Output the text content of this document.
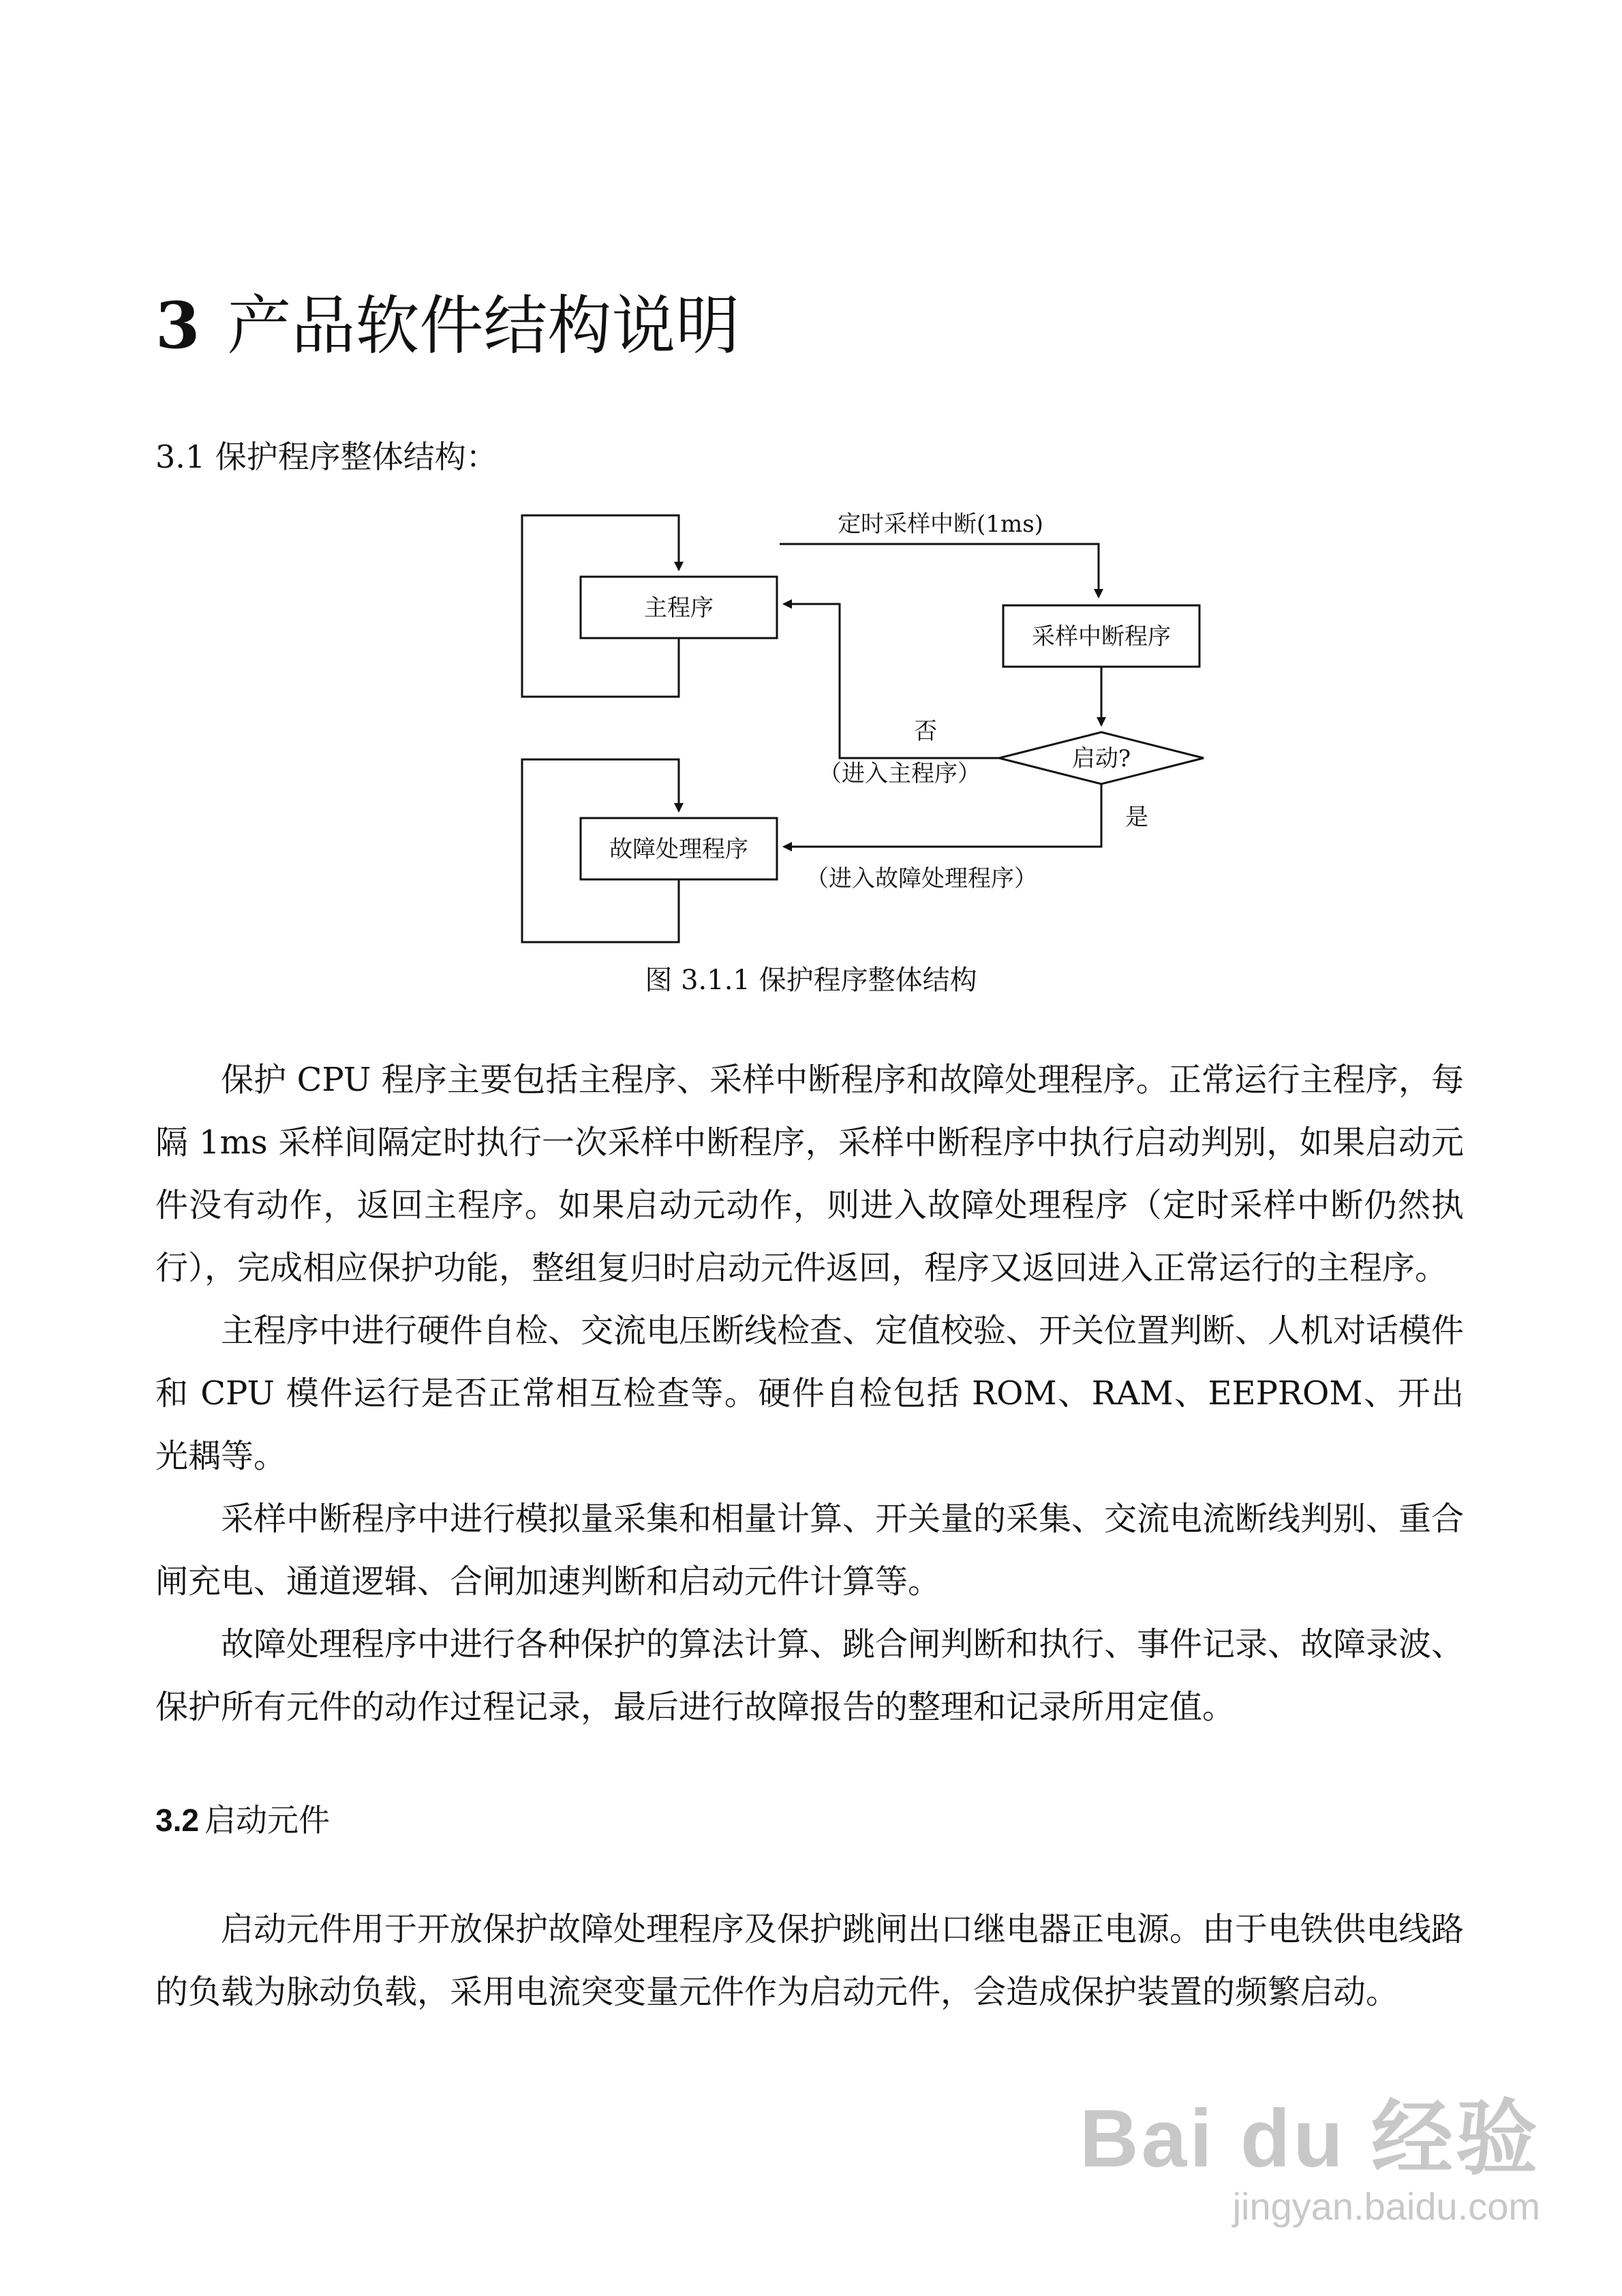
3 产品软件结构说明
3.1 保护程序整体结构：
主程序
定时采样中断(1ms)
采样中断程序
启动?
否
（进入主程序）
是
（进入故障处理程序）
故障处理程序
图 3.1.1 保护程序整体结构

保护 CPU 程序主要包括主程序、采样中断程序和故障处理程序。正常运行主程序，每隔 1ms 采样间隔定时执行一次采样中断程序，采样中断程序中执行启动判别，如果启动元件没有动作，返回主程序。如果启动元动作，则进入故障处理程序（定时采样中断仍然执行），完成相应保护功能，整组复归时启动元件返回，程序又返回进入正常运行的主程序。

主程序中进行硬件自检、交流电压断线检查、定值校验、开关位置判断、人机对话模件和 CPU 模件运行是否正常相互检查等。硬件自检包括 ROM、RAM、EEPROM、开出光耦等。

采样中断程序中进行模拟量采集和相量计算、开关量的采集、交流电流断线判别、重合闸充电、通道逻辑、合闸加速判断和启动元件计算等。

故障处理程序中进行各种保护的算法计算、跳合闸判断和执行、事件记录、故障录波、保护所有元件的动作过程记录，最后进行故障报告的整理和记录所用定值。

3.2 启动元件

启动元件用于开放保护故障处理程序及保护跳闸出口继电器正电源。由于电铁供电线路的负载为脉动负载，采用电流突变量元件作为启动元件，会造成保护装置的频繁启动。

Bai du 经验
jingyan.baidu.com
